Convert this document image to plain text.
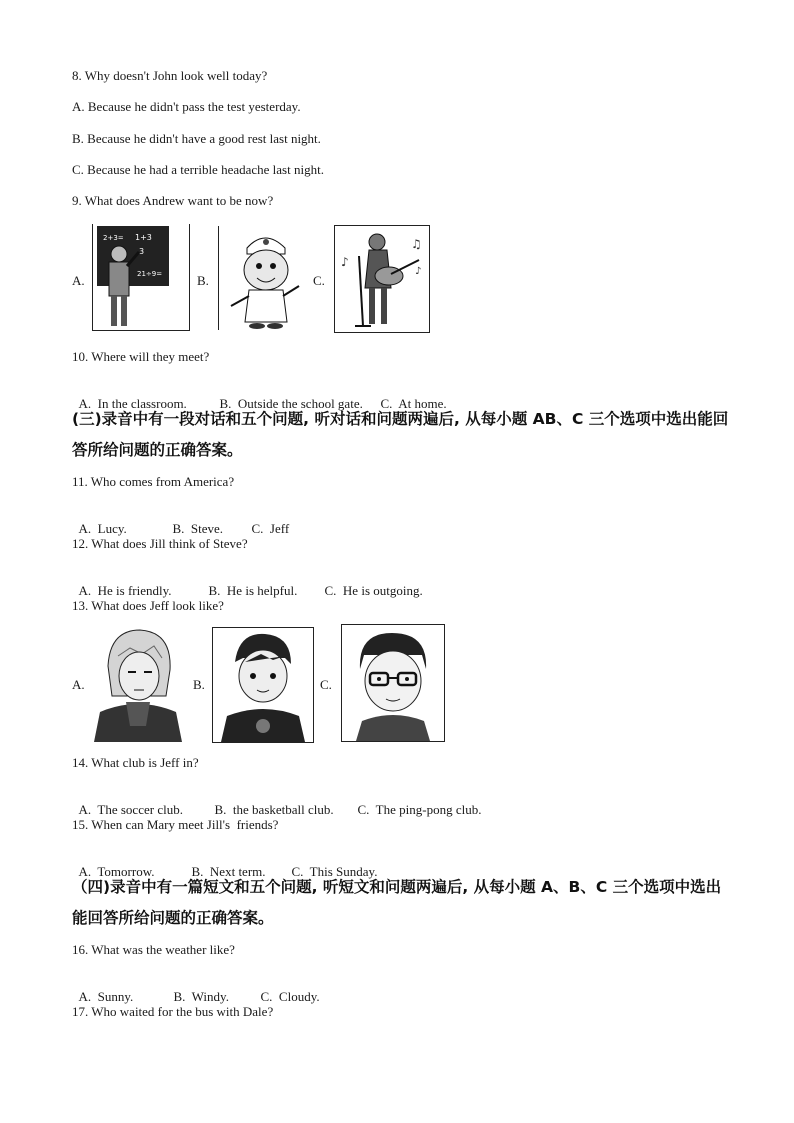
8. Why doesn't John look well today?
A. Because he didn't pass the test yesterday.
B. Because he didn't have a good rest last night.
C. Because he had a terrible headache last night.
9. What does Andrew want to be now?
A.
2+3= 1+3
3
21÷9=	B.	C.
♪
♫
♪
10. Where will they meet?

A.  In the classroom.	B.  Outside the school gate. C.  At home.

(三)录音中有一段对话和五个问题, 听对话和问题两遍后, 从每小题 AB、C 三个选项中选出能回答所给问题的正确答案。
11. Who comes from America?

A.  Lucy.	B.  Steve. C.  Jeff

12. What does Jill think of Steve?

A.  He is friendly.	B.  He is helpful. C.  He is outgoing.

13. What does Jeff look like?
A.	B.	C.
14. What club is Jeff in?

A.  The soccer club. B.  the basketball club. C.  The ping-pong club.

15. When can Mary meet Jill's  friends?

A.  Tomorrow.	B.  Next term. C.  This Sunday.

（四)录音中有一篇短文和五个问题, 听短文和问题两遍后, 从每小题 A、B、C 三个选项中选出能回答所给问题的正确答案。
16. What was the weather like?

A.  Sunny.	B.  Windy. C.  Cloudy.

17. Who waited for the bus with Dale?
